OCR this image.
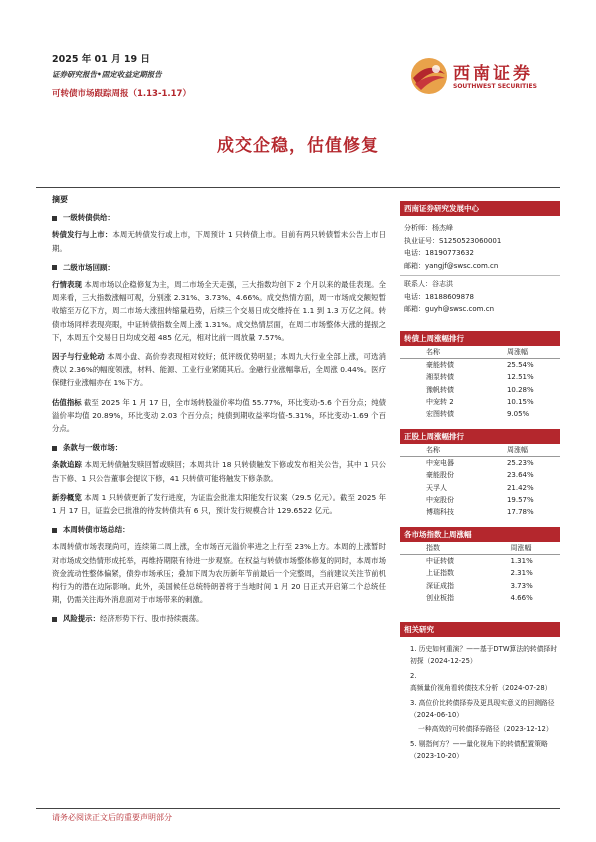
2025 年 01 月 19 日
证券研究报告•固定收益定期报告
可转债市场跟踪周报（1.13-1.17）
西南证券
SOUTHWEST SECURITIES
成交企稳，估值修复
摘要
一级转债供给：

转债发行与上市：本周无转债发行或上市，下周预计 1 只转债上市。目前有两只转债暂未公告上市日期。

二级市场回顾：

行情表现 本周市场以企稳修复为主，周二市场全天走强，三大指数均创下 2 个月以来的最佳表现。全周来看，三大指数涨幅可观，分别涨 2.31%、3.73%、4.66%。成交热情方面，周一市场成交额短暂收缩至万亿下方，周二市场大涨扭转缩量趋势，后续三个交易日成交维持在 1.1 到 1.3 万亿之间。转债市场同样表现亮眼，中证转债指数全周上涨 1.31%。成交热情层面，在周二市场整体大涨的提振之下，本周五个交易日日均成交超 485 亿元，相对比前一周放量 7.57%。

因子与行业轮动 本周小盘、高价券表现相对较好；低评级优势明显；本周九大行业全部上涨，可选消费以 2.36%的幅度领涨，材料、能源、工业行业紧随其后。金融行业涨幅靠后，全周涨 0.44%。医疗保健行业涨幅亦在 1%下方。

估值指标 截至 2025 年 1 月 17 日，全市场转股溢价率均值 55.77%，环比变动-5.6 个百分点；纯债溢价率均值 20.89%，环比变动 2.03 个百分点；纯债到期收益率均值-5.31%，环比变动-1.69 个百分点。

条款与一级市场：

条款追踪 本周无转债触发赎回暂或赎回；本周共计 18 只转债触发下修或发布相关公告，其中 1 只公告下修、1 只公告董事会提议下修，41 只转债可能将触发下修条款。

新券概览 本周 1 只转债更新了发行进度，为证监会批准太阳能发行议案（29.5 亿元）。截至 2025 年 1 月 17 日，证监会已批准的待发转债共有 6 只，预计发行规模合计 129.6522 亿元。

本周转债市场总结：

本周转债市场表现尚可，连续第二周上涨，全市场百元溢价率进之上行至 23%上方。本周的上涨暂时对市场成交热情形成托举，再维持期限有待进一步观察。在权益与转债市场整体修复的同时，本周市场资金流动性整体偏紧，债券市场承压；叠加下周为农历新年节前最后一个完整周，当前建议关注节前机构行为的潜在边际影响。此外，美国候任总统特朗普将于当地时间 1 月 20 日正式开启第二个总统任期，仍需关注海外消息面对于市场带来的刺激。

风险提示：经济形势下行、股市持续震荡。
西南证券研究发展中心
分析师：杨杰峰
执业证号：S1250523060001
电话：18190773632
邮箱：yangjf@swsc.com.cn
联系人：谷志洪
电话：18188609878
邮箱：guyh@swsc.com.cn
转债上周涨幅排行
名称	周涨幅
豪能转债	25.54%
湘泵转债	12.51%
豫帆转债	10.28%
中宠转 2	10.15%
宏图转债	9.05%
正股上周涨幅排行
名称	周涨幅
中宠电器	25.23%
豪能股份	23.64%
天孚人	21.42%
中宠股份	19.57%
博瑞科技	17.78%
各市场指数上周涨幅
指数	周涨幅
中证转债	1.31%
上证指数	2.31%
深证成指	3.73%
创业板指	4.66%
相关研究
1. 历史如何重演？——基于DTW算法的转债择时初探（2024-12-25）
2. 高频量价视角看转债技术分析（2024-07-28）
3. 高位价比转债择券及更具现实意义的回测路径（2024-06-10）
一种高效的可转债择券路径（2023-12-12）
5. 剔指何方？——量化视角下的转债配置策略（2023-10-20）
请务必阅读正文后的重要声明部分
